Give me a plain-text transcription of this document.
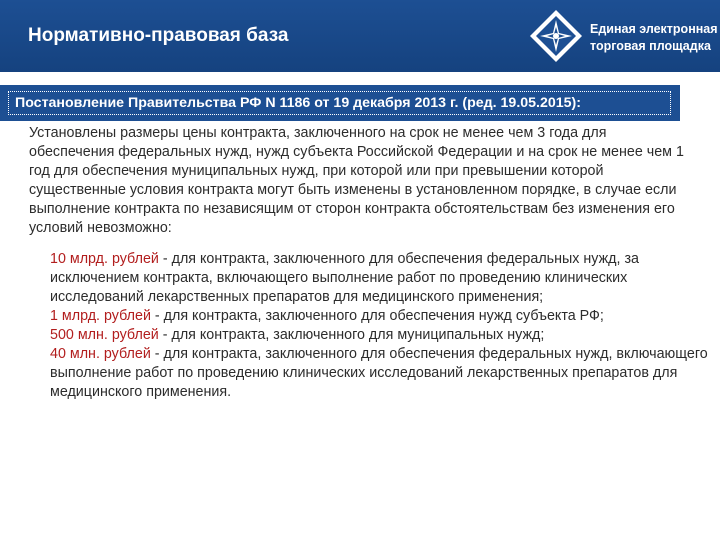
Нормативно-правовая база	Единая электронная
торговая площадка
Постановление Правительства РФ N 1186 от 19 декабря 2013 г. (ред. 19.05.2015):

Установлены размеры цены контракта, заключенного на срок не менее чем 3 года для обеспечения федеральных нужд, нужд субъекта Российской Федерации и на срок не менее чем 1 год для обеспечения муниципальных нужд, при которой или при превышении которой существенные условия контракта могут быть изменены в установленном порядке, в случае если выполнение контракта по независящим от сторон контракта обстоятельствам без изменения его условий невозможно:

10 млрд. рублей - для контракта, заключенного для обеспечения федеральных нужд, за исключением контракта, включающего выполнение работ по проведению клинических исследований лекарственных препаратов для медицинского применения;
1 млрд. рублей - для контракта, заключенного для обеспечения нужд субъекта РФ;
500 млн. рублей - для контракта, заключенного для муниципальных нужд;
40 млн. рублей - для контракта, заключенного для обеспечения федеральных нужд, включающего выполнение работ по проведению клинических исследований лекарственных препаратов для медицинского применения.
